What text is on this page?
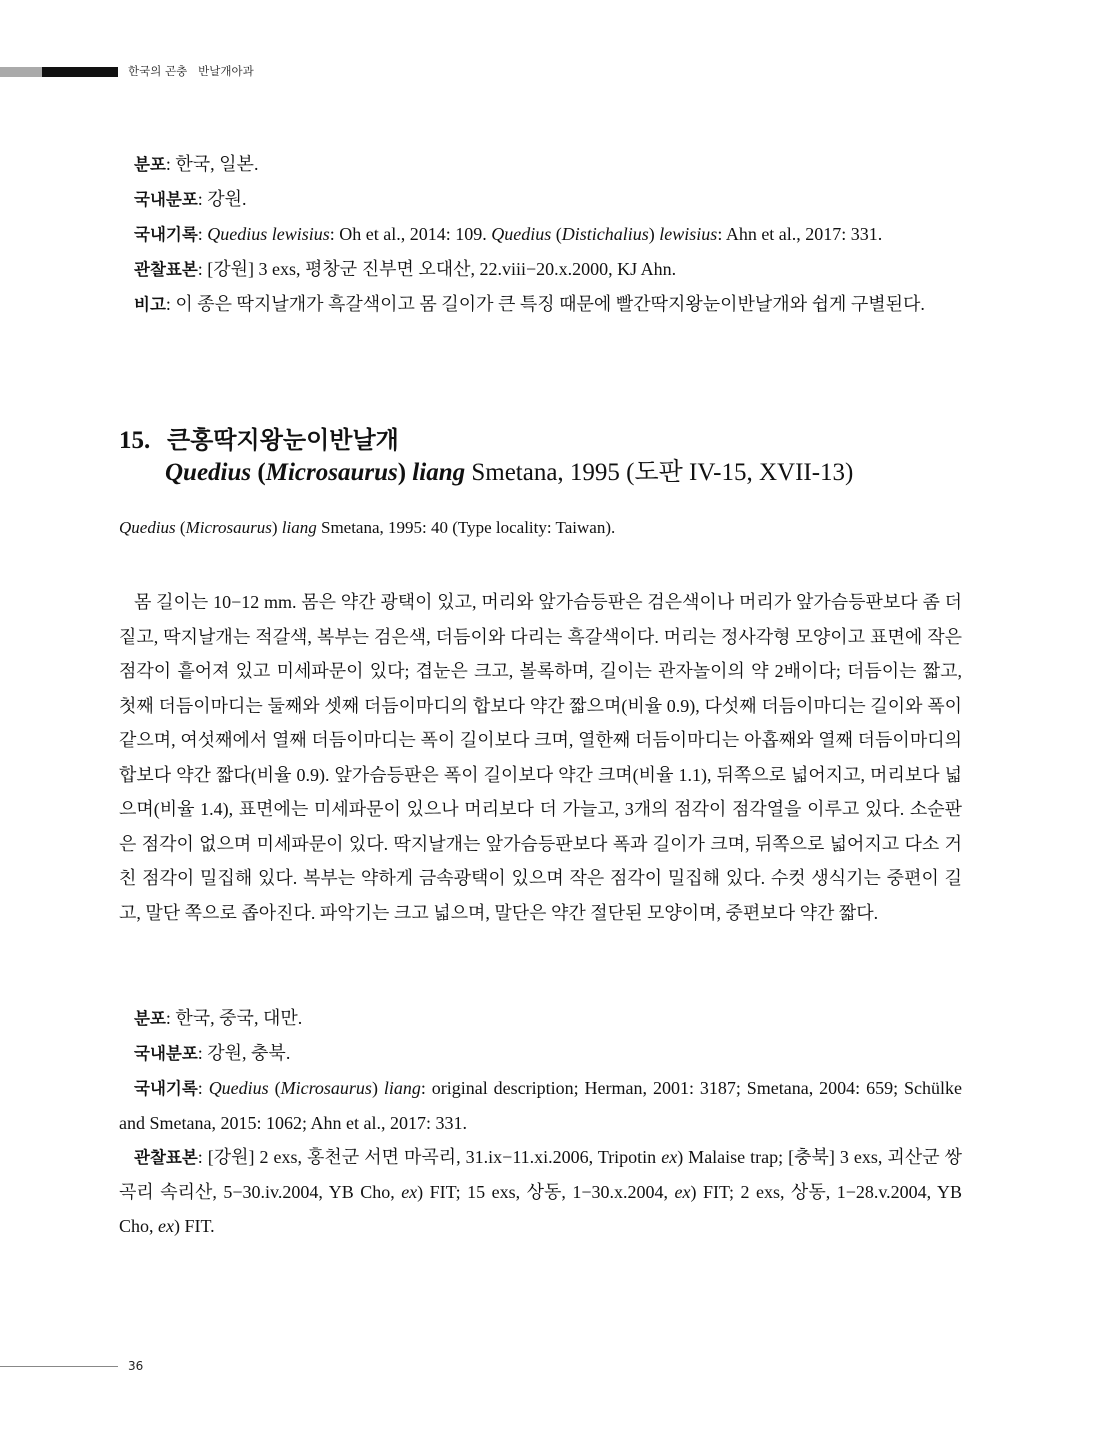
한국의 곤충   반날개아과

분포: 한국, 일본.

국내분포: 강원.

국내기록: Quedius lewisius: Oh et al., 2014: 109. Quedius (Distichalius) lewisius: Ahn et al., 2017: 331.

관찰표본: [강원] 3 exs, 평창군 진부면 오대산, 22.viii−20.x.2000, KJ Ahn.

비고: 이 종은 딱지날개가 흑갈색이고 몸 길이가 큰 특징 때문에 빨간딱지왕눈이반날개와 쉽게 구별된다.

15. 큰홍딱지왕눈이반날개
Quedius (Microsaurus) liang Smetana, 1995 (도판 IV-15, XVII-13)
Quedius (Microsaurus) liang Smetana, 1995: 40 (Type locality: Taiwan).

몸 길이는 10−12 mm. 몸은 약간 광택이 있고, 머리와 앞가슴등판은 검은색이나 머리가 앞가슴등판보다 좀 더 짙고, 딱지날개는 적갈색, 복부는 검은색, 더듬이와 다리는 흑갈색이다. 머리는 정사각형 모양이고 표면에 작은 점각이 흩어져 있고 미세파문이 있다; 겹눈은 크고, 볼록하며, 길이는 관자놀이의 약 2배이다; 더듬이는 짧고, 첫째 더듬이마디는 둘째와 셋째 더듬이마디의 합보다 약간 짧으며(비율 0.9), 다섯째 더듬이마디는 길이와 폭이 같으며, 여섯째에서 열째 더듬이마디는 폭이 길이보다 크며, 열한째 더듬이마디는 아홉째와 열째 더듬이마디의 합보다 약간 짧다(비율 0.9). 앞가슴등판은 폭이 길이보다 약간 크며(비율 1.1), 뒤쪽으로 넓어지고, 머리보다 넓으며(비율 1.4), 표면에는 미세파문이 있으나 머리보다 더 가늘고, 3개의 점각이 점각열을 이루고 있다. 소순판은 점각이 없으며 미세파문이 있다. 딱지날개는 앞가슴등판보다 폭과 길이가 크며, 뒤쪽으로 넓어지고 다소 거친 점각이 밀집해 있다. 복부는 약하게 금속광택이 있으며 작은 점각이 밀집해 있다. 수컷 생식기는 중편이 길고, 말단 쪽으로 좁아진다. 파악기는 크고 넓으며, 말단은 약간 절단된 모양이며, 중편보다 약간 짧다.

분포: 한국, 중국, 대만.

국내분포: 강원, 충북.

국내기록: Quedius (Microsaurus) liang: original description; Herman, 2001: 3187; Smetana, 2004: 659; Schülke and Smetana, 2015: 1062; Ahn et al., 2017: 331.

관찰표본: [강원] 2 exs, 홍천군 서면 마곡리, 31.ix−11.xi.2006, Tripotin ex) Malaise trap; [충북] 3 exs, 괴산군 쌍곡리 속리산, 5−30.iv.2004, YB Cho, ex) FIT; 15 exs, 상동, 1−30.x.2004, ex) FIT; 2 exs, 상동, 1−28.v.2004, YB Cho, ex) FIT.

36
